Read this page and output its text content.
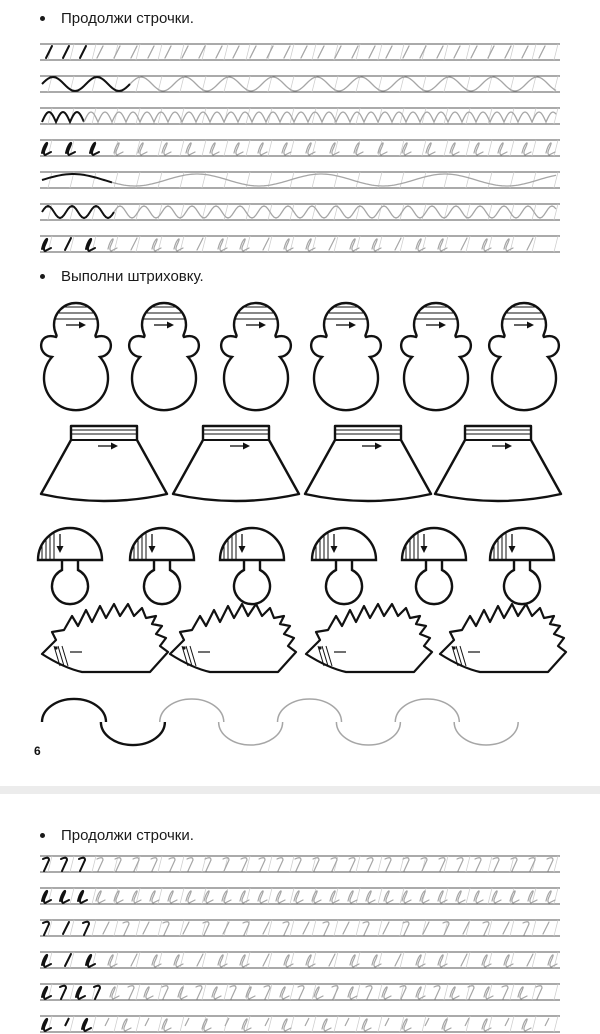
Продолжи строчки.
Выполни штриховку.
6
Продолжи строчки.
